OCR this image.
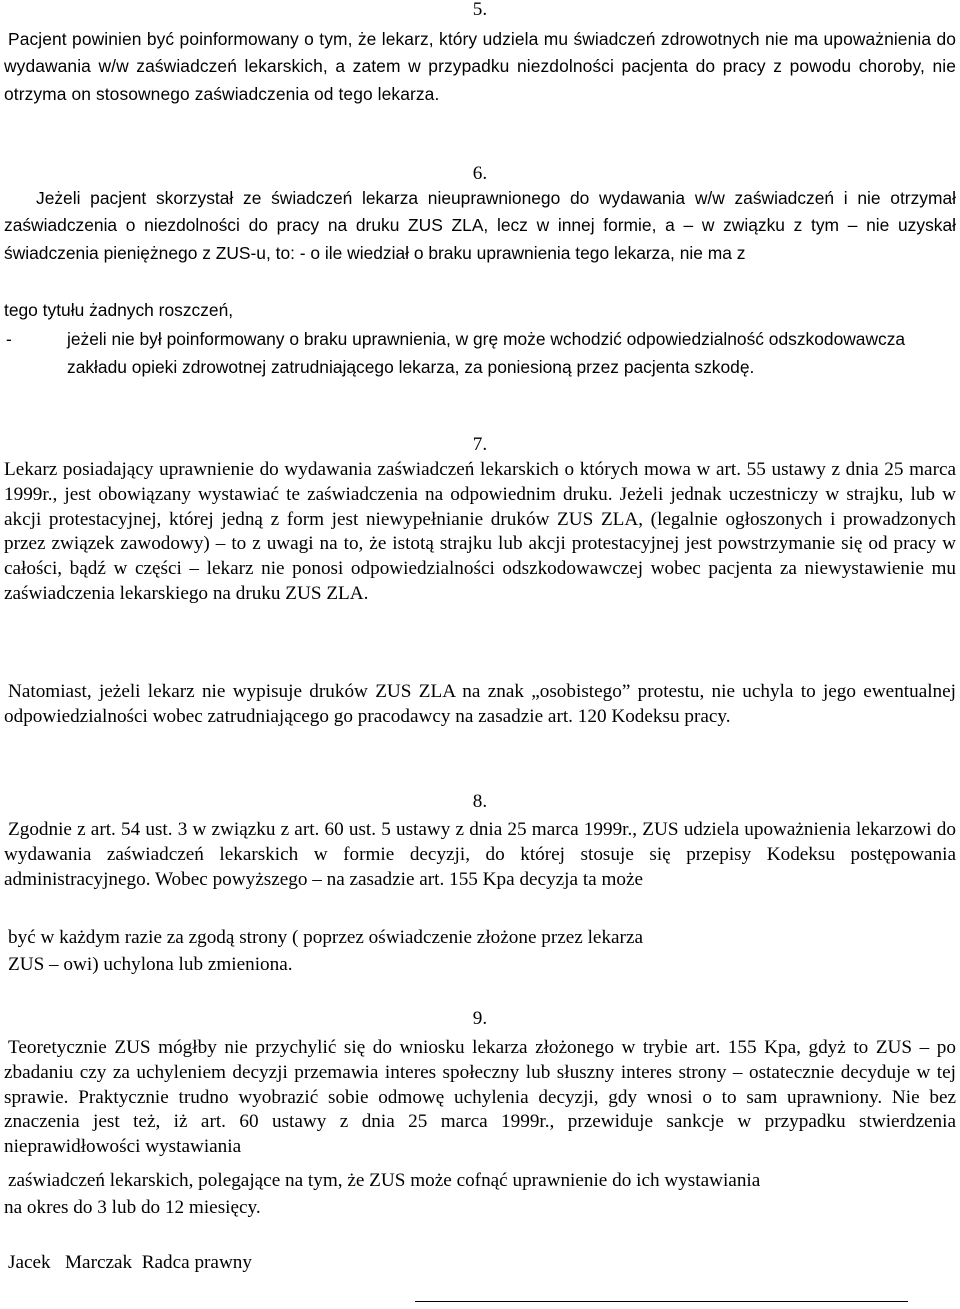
5.

Pacjent powinien być poinformowany o tym, że lekarz, który udziela mu świadczeń zdrowotnych nie ma upoważnienia do wydawania w/w zaświadczeń lekarskich, a zatem w przypadku niezdolności pacjenta do pracy z powodu choroby, nie otrzyma on stosownego zaświadczenia od tego lekarza.

6.

Jeżeli pacjent skorzystał ze świadczeń lekarza nieuprawnionego do wydawania w/w zaświadczeń i nie otrzymał zaświadczenia o niezdolności do pracy na druku ZUS ZLA, lecz w innej formie, a – w związku z tym – nie uzyskał świadczenia pieniężnego z ZUS-u, to: - o ile wiedział o braku uprawnienia tego lekarza, nie ma z

tego tytułu żadnych roszczeń,

-	jeżeli nie był poinformowany o braku uprawnienia, w grę może wchodzić odpowiedzialność odszkodowawcza zakładu opieki zdrowotnej zatrudniającego lekarza, za poniesioną przez pacjenta szkodę.

7.

Lekarz posiadający uprawnienie do wydawania zaświadczeń lekarskich o których mowa w art. 55 ustawy z dnia 25 marca 1999r., jest obowiązany wystawiać te zaświadczenia na odpowiednim druku. Jeżeli jednak uczestniczy w strajku, lub w akcji protestacyjnej, której jedną z form jest niewypełnianie druków ZUS ZLA, (legalnie ogłoszonych i prowadzonych przez związek zawodowy) – to z uwagi na to, że istotą strajku lub akcji protestacyjnej jest powstrzymanie się od pracy w całości, bądź w części – lekarz nie ponosi odpowiedzialności odszkodowawczej wobec pacjenta za niewystawienie mu zaświadczenia lekarskiego na druku ZUS ZLA.

Natomiast, jeżeli lekarz nie wypisuje druków ZUS ZLA na znak „osobistego” protestu, nie uchyla to jego ewentualnej odpowiedzialności wobec zatrudniającego go pracodawcy na zasadzie art. 120 Kodeksu pracy.

8.

Zgodnie z art. 54 ust. 3 w związku z art. 60 ust. 5 ustawy z dnia 25 marca 1999r., ZUS udziela upoważnienia lekarzowi do wydawania zaświadczeń lekarskich w formie decyzji, do której stosuje się przepisy Kodeksu postępowania administracyjnego. Wobec powyższego – na zasadzie art. 155 Kpa decyzja ta może

być w każdym razie za zgodą strony ( poprzez oświadczenie złożone przez lekarza

ZUS – owi) uchylona lub zmieniona.

9.

Teoretycznie ZUS mógłby nie przychylić się do wniosku lekarza złożonego w trybie art. 155 Kpa, gdyż to ZUS – po zbadaniu czy za uchyleniem decyzji przemawia interes społeczny lub słuszny interes strony – ostatecznie decyduje w tej sprawie. Praktycznie trudno wyobrazić sobie odmowę uchylenia decyzji, gdy wnosi o to sam uprawniony. Nie bez znaczenia jest też, iż art. 60 ustawy z dnia 25 marca 1999r., przewiduje sankcje w przypadku stwierdzenia nieprawidłowości wystawiania

zaświadczeń lekarskich, polegające na tym, że ZUS może cofnąć uprawnienie do ich wystawiania

na okres do 3 lub do 12 miesięcy.

Jacek   Marczak  Radca prawny
